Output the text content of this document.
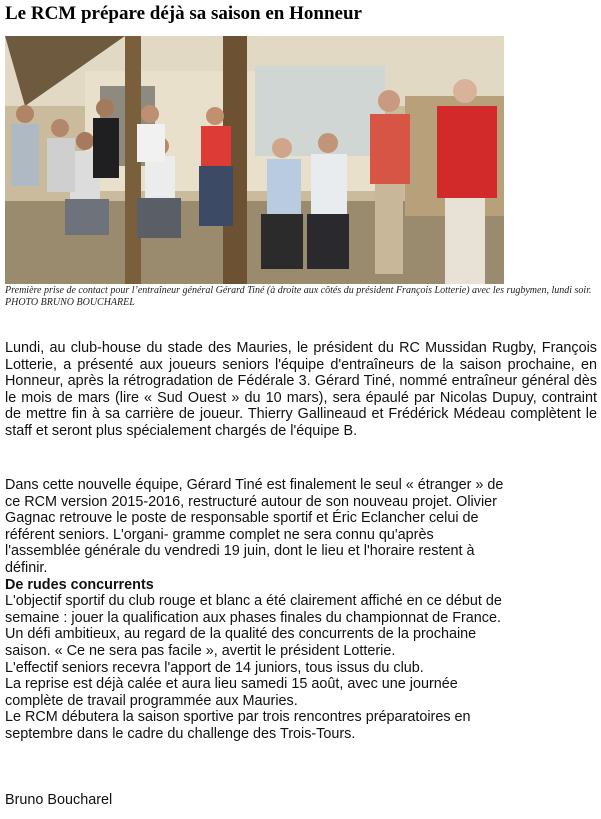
Le RCM prépare déjà sa saison en Honneur
Première prise de contact pour l’entraîneur général Gérard Tiné (à droite aux côtés du président François Lotterie) avec les rugbymen, lundi soir.
PHOTO BRUNO BOUCHAREL
Lundi, au club-house du stade des Mauries, le président du RC Mussidan Rugby, François Lotterie, a présenté aux joueurs seniors l'équipe d'entraîneurs de la saison prochaine, en Honneur, après la rétrogradation de Fédérale 3. Gérard Tiné, nommé entraîneur général dès le mois de mars (lire « Sud Ouest » du 10 mars), sera épaulé par Nicolas Dupuy, contraint de mettre fin à sa carrière de joueur. Thierry Gallineaud et Frédérick Médeau complètent le staff et seront plus spécialement chargés de l'équipe B.
Dans cette nouvelle équipe, Gérard Tiné est finalement le seul « étranger » de ce RCM version 2015-2016, restructuré autour de son nouveau projet. Olivier Gagnac retrouve le poste de responsable sportif et Éric Eclancher celui de référent seniors. L'organi- gramme complet ne sera connu qu'après l'assemblée générale du vendredi 19 juin, dont le lieu et l'horaire restent à définir.
De rudes concurrents
L'objectif sportif du club rouge et blanc a été clairement affiché en ce début de semaine : jouer la qualification aux phases finales du championnat de France. Un défi ambitieux, au regard de la qualité des concurrents de la prochaine saison. « Ce ne sera pas facile », avertit le président Lotterie.
L'effectif seniors recevra l'apport de 14 juniors, tous issus du club.
La reprise est déjà calée et aura lieu samedi 15 août, avec une journée complète de travail programmée aux Mauries.
Le RCM débutera la saison sportive par trois rencontres préparatoires en septembre dans le cadre du challenge des Trois-Tours.
Bruno Boucharel
